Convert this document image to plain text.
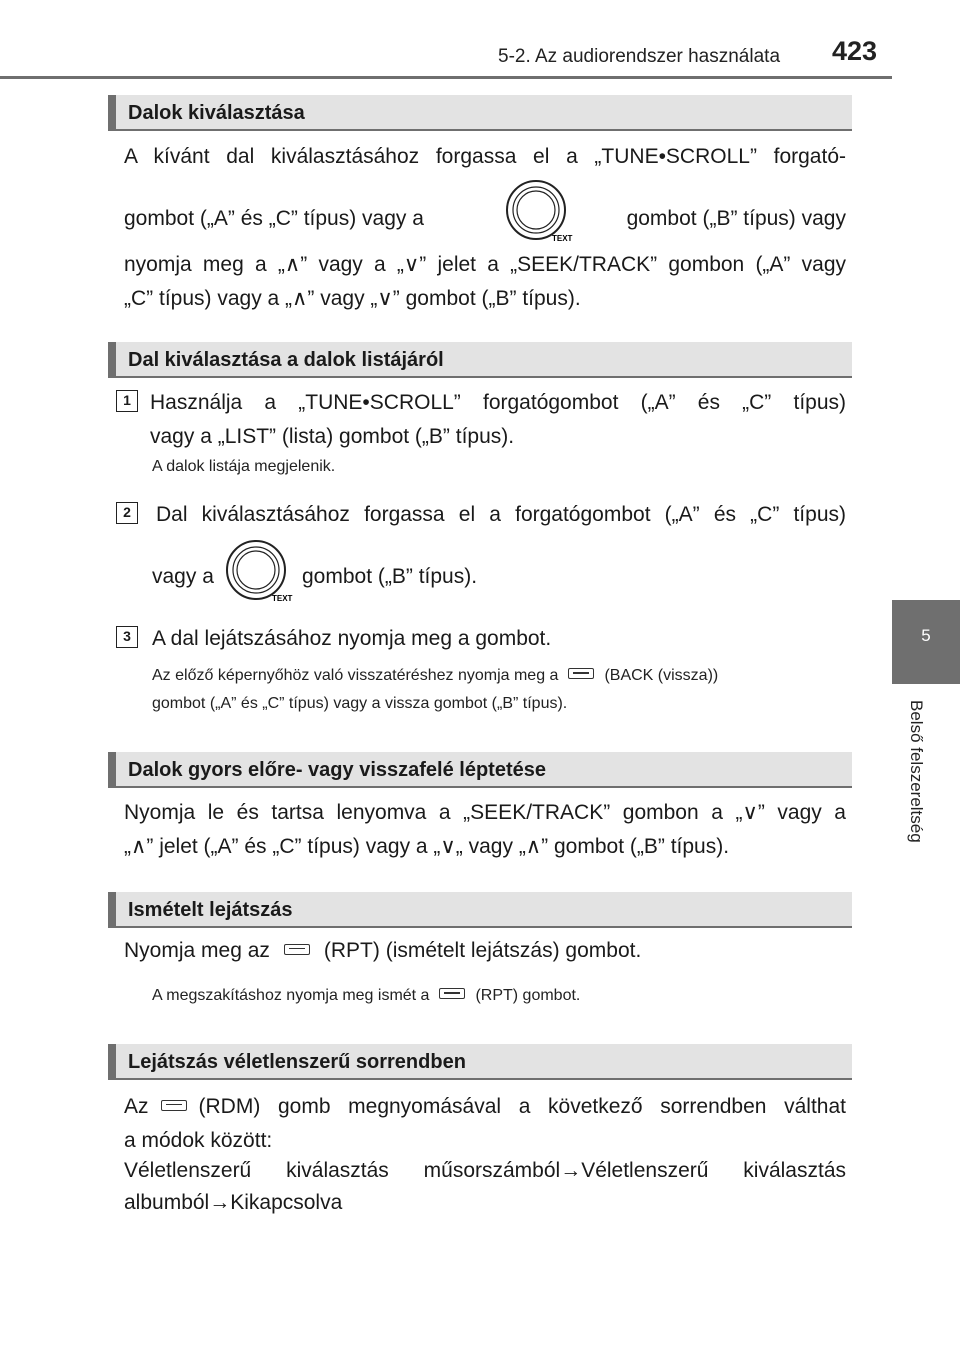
5-2. Az audiorendszer használata 423
5
Belső felszereltség
Dalok kiválasztása
A kívánt dal kiválasztásához forgassa el a „TUNE•SCROLL” forgató-
gombot („A” és „C” típus) vagy a	gombot („B” típus) vagy
nyomja meg a „∧” vagy a „∨” jelet a „SEEK/TRACK” gombon („A” vagy
„C” típus) vagy a „∧” vagy „∨” gombot („B” típus).
TEXT
Dal kiválasztása a dalok listájáról
1 Használja a „TUNE•SCROLL” forgatógombot („A” és „C” típus)
vagy a „LIST” (lista) gombot („B” típus).
A dalok listája megjelenik.
2	Dal kiválasztásához forgassa el a forgatógombot („A” és „C” típus)
vagy a	gombot („B” típus).
TEXT
3	A dal lejátszásához nyomja meg a gombot.
Az előző képernyőhöz való visszatéréshez nyomja meg a	(BACK (vissza))
gombot („A” és „C” típus) vagy a vissza gombot („B” típus).
Dalok gyors előre- vagy visszafelé léptetése
Nyomja le és tartsa lenyomva a „SEEK/TRACK” gombon a „∨” vagy a
„∧” jelet („A” és „C” típus) vagy a „∨„ vagy „∧” gombot („B” típus).
Ismételt lejátszás
Nyomja meg az	(RPT) (ismételt lejátszás) gombot.
A megszakításhoz nyomja meg ismét a	(RPT) gombot.
Lejátszás véletlenszerű sorrendben
Az (RDM) gomb megnyomásával a következő sorrendben válthat
a módok között:
Véletlenszerű kiválasztás műsorszámból→Véletlenszerű kiválasztás
albumból→Kikapcsolva
